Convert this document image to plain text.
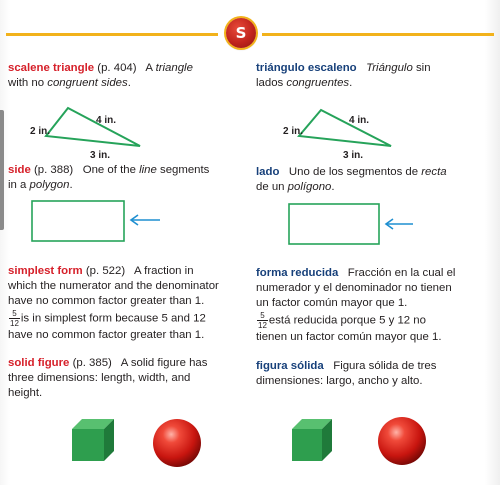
S
scalene triangle (p. 404) A triangle
with no congruent sides.
2 in.
4 in.
3 in.
side (p. 388) One of the line segments
in a polygon.
simplest form (p. 522) A fraction in
which the numerator and the denominator
have no common factor greater than 1.

$\frac{5}{12}$ is in simplest form because 5 and 12
have no common factor greater than 1.
solid figure (p. 385) A solid figure has
three dimensions: length, width, and
height.
triángulo escaleno Triángulo sin
lados congruentes.
2 in.
4 in.
3 in.
lado Uno de los segmentos de recta
de un polígono.
forma reducida Fracción en la cual el
numerador y el denominador no tienen
un factor común mayor que 1.

$\frac{5}{12}$ está reducida porque 5 y 12 no
tienen un factor común mayor que 1.
figura sólida Figura sólida de tres
dimensiones: largo, ancho y alto.
